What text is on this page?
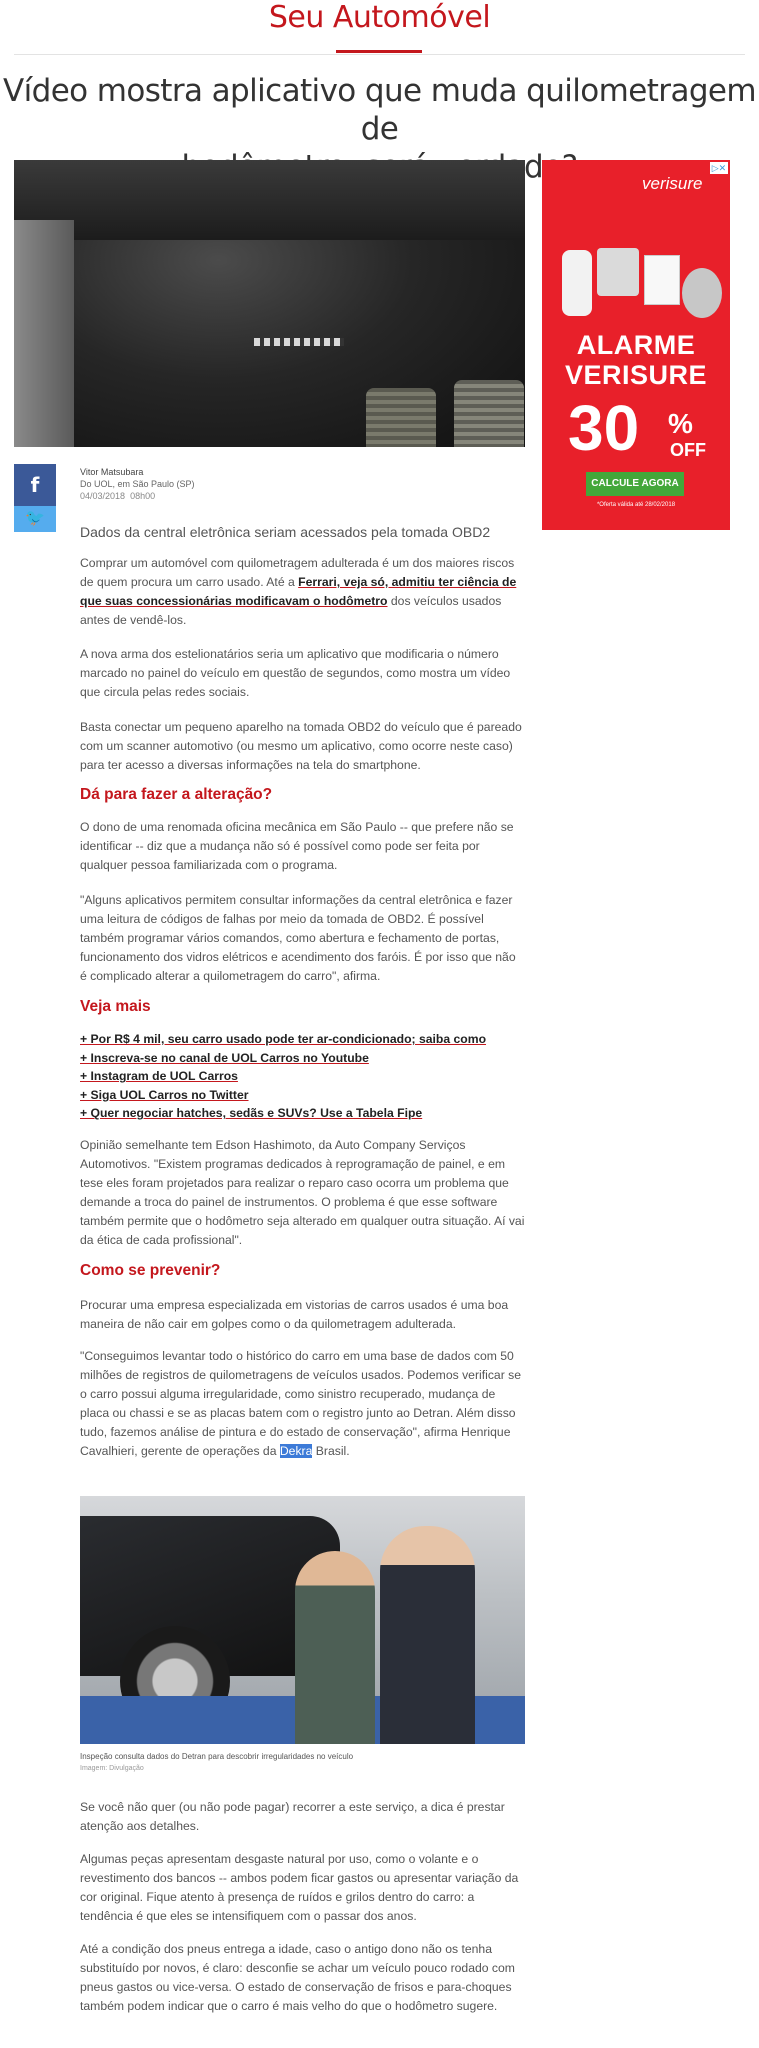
Seu Automóvel
Vídeo mostra aplicativo que muda quilometragem de

▷✕
verisure
ALARME
VERISURE
30 %
OFF
CALCULE AGORA
*Oferta válida até 28/02/2018
f
🐦
Vitor Matsubara
Do UOL, em São Paulo (SP)
04/03/2018 08h00
Dados da central eletrônica seriam acessados pela tomada OBD2

Comprar um automóvel com quilometragem adulterada é um dos maiores riscos de quem procura um carro usado. Até a Ferrari, veja só, admitiu ter ciência de que suas concessionárias modificavam o hodômetro dos veículos usados antes de vendê-los.

A nova arma dos estelionatários seria um aplicativo que modificaria o número marcado no painel do veículo em questão de segundos, como mostra um vídeo que circula pelas redes sociais.

Basta conectar um pequeno aparelho na tomada OBD2 do veículo que é pareado com um scanner automotivo (ou mesmo um aplicativo, como ocorre neste caso) para ter acesso a diversas informações na tela do smartphone.

Dá para fazer a alteração?

O dono de uma renomada oficina mecânica em São Paulo -- que prefere não se identificar -- diz que a mudança não só é possível como pode ser feita por qualquer pessoa familiarizada com o programa.

"Alguns aplicativos permitem consultar informações da central eletrônica e fazer uma leitura de códigos de falhas por meio da tomada de OBD2. É possível também programar vários comandos, como abertura e fechamento de portas, funcionamento dos vidros elétricos e acendimento dos faróis. É por isso que não é complicado alterar a quilometragem do carro", afirma.

Veja mais
+ Por R$ 4 mil, seu carro usado pode ter ar-condicionado; saiba como
+ Inscreva-se no canal de UOL Carros no Youtube
+ Instagram de UOL Carros
+ Siga UOL Carros no Twitter
+ Quer negociar hatches, sedãs e SUVs? Use a Tabela Fipe

Opinião semelhante tem Edson Hashimoto, da Auto Company Serviços Automotivos. "Existem programas dedicados à reprogramação de painel, e em tese eles foram projetados para realizar o reparo caso ocorra um problema que demande a troca do painel de instrumentos. O problema é que esse software também permite que o hodômetro seja alterado em qualquer outra situação. Aí vai da ética de cada profissional".

Como se prevenir?

Procurar uma empresa especializada em vistorias de carros usados é uma boa maneira de não cair em golpes como o da quilometragem adulterada.

"Conseguimos levantar todo o histórico do carro em uma base de dados com 50 milhões de registros de quilometragens de veículos usados. Podemos verificar se o carro possui alguma irregularidade, como sinistro recuperado, mudança de placa ou chassi e se as placas batem com o registro junto ao Detran. Além disso tudo, fazemos análise de pintura e do estado de conservação", afirma Henrique Cavalhieri, gerente de operações da Dekra Brasil.

Inspeção consulta dados do Detran para descobrir irregularidades no veículo
Imagem: Divulgação

Se você não quer (ou não pode pagar) recorrer a este serviço, a dica é prestar atenção aos detalhes.

Algumas peças apresentam desgaste natural por uso, como o volante e o revestimento dos bancos -- ambos podem ficar gastos ou apresentar variação da cor original. Fique atento à presença de ruídos e grilos dentro do carro: a tendência é que eles se intensifiquem com o passar dos anos.

Até a condição dos pneus entrega a idade, caso o antigo dono não os tenha substituído por novos, é claro: desconfie se achar um veículo pouco rodado com pneus gastos ou vice-versa. O estado de conservação de frisos e para-choques também podem indicar que o carro é mais velho do que o hodômetro sugere.
